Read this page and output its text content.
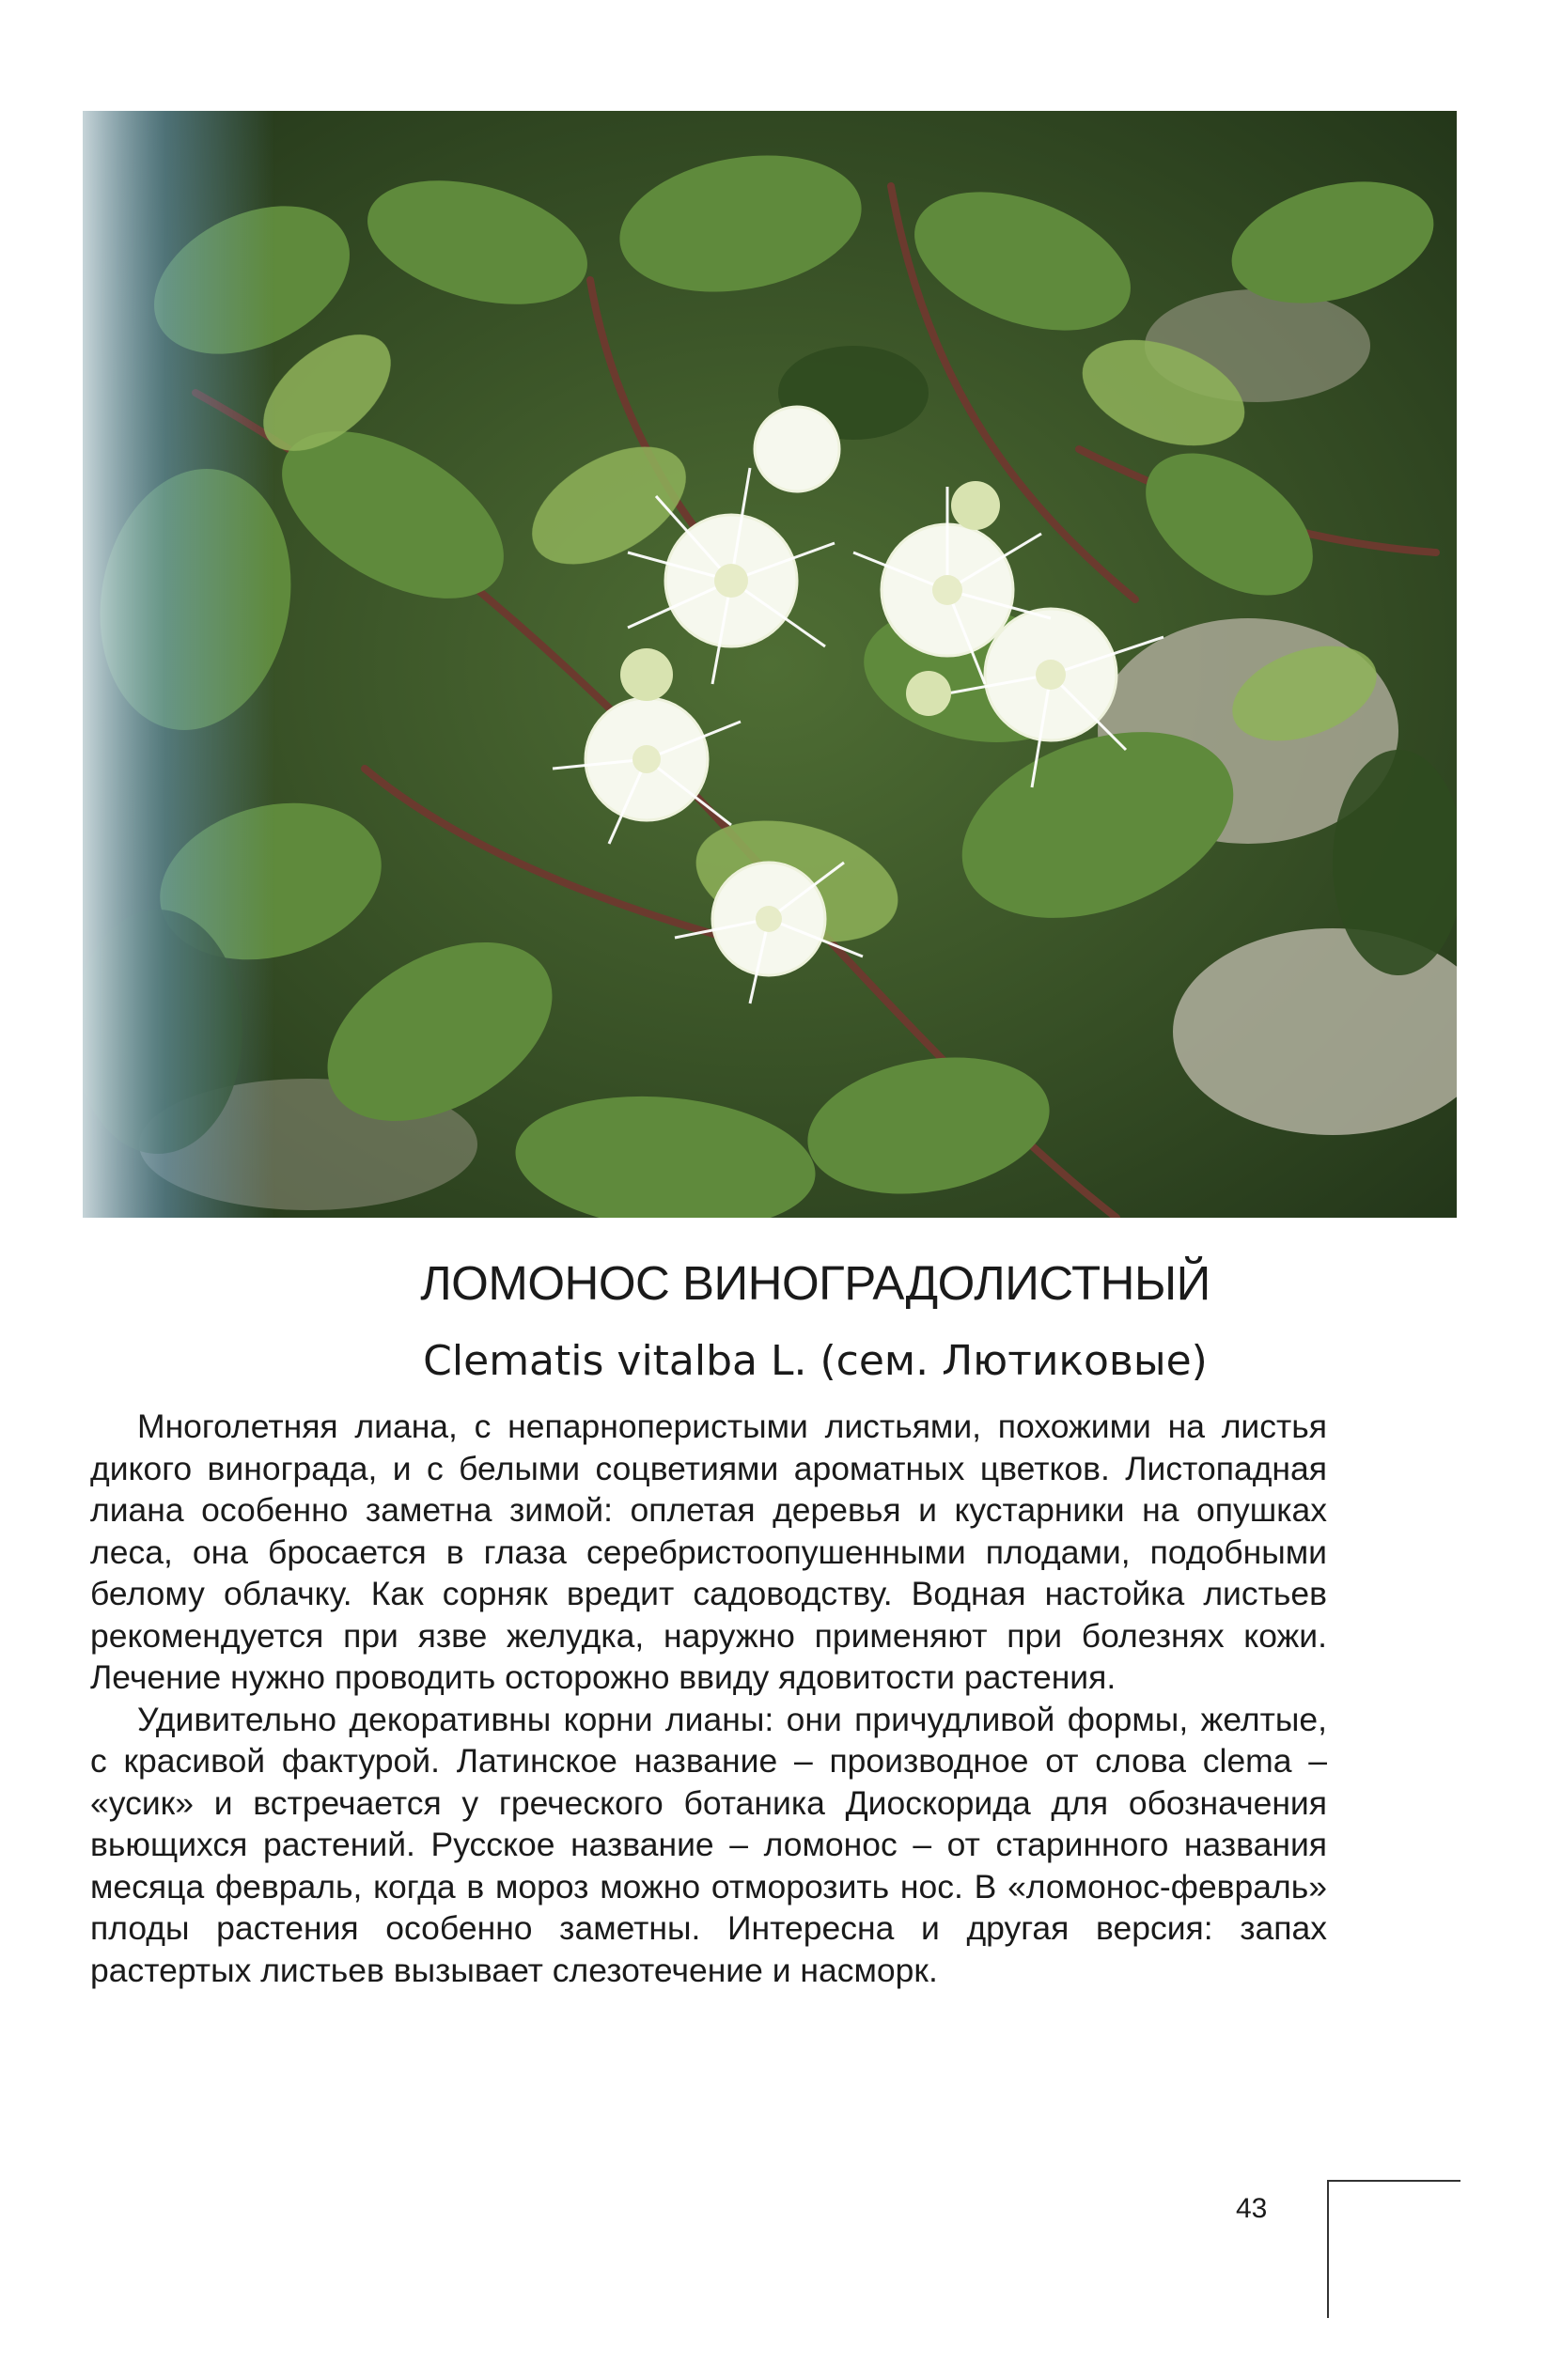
ЛОМОНОС ВИНОГРАДОЛИСТНЫЙ
Clematis vitalba L. (сем. Лютиковые)

Многолетняя лиана, с непарноперистыми листьями, похожими на листья дикого винограда, и с белыми соцветиями ароматных цветков. Листопадная лиана особенно заметна зимой: оплетая деревья и кустарники на опушках леса, она бросается в глаза серебристоопушенными плодами, подобными белому облачку. Как сорняк вредит садоводству. Водная настойка листьев рекомендуется при язве желудка, наружно применяют при болезнях кожи. Лечение нужно проводить осторожно ввиду ядовитости растения.

Удивительно декоративны корни лианы: они причудливой формы, желтые, с красивой фактурой. Латинское название – производное от слова clema – «усик» и встречается у греческого ботаника Диоскорида для обозначения вьющихся растений. Русское название – ломонос – от старинного названия месяца февраль, когда в мороз можно отморозить нос. В «ломонос-февраль» плоды растения особенно заметны. Интересна и другая версия: запах растертых листьев вызывает слезотечение и насморк.

43
